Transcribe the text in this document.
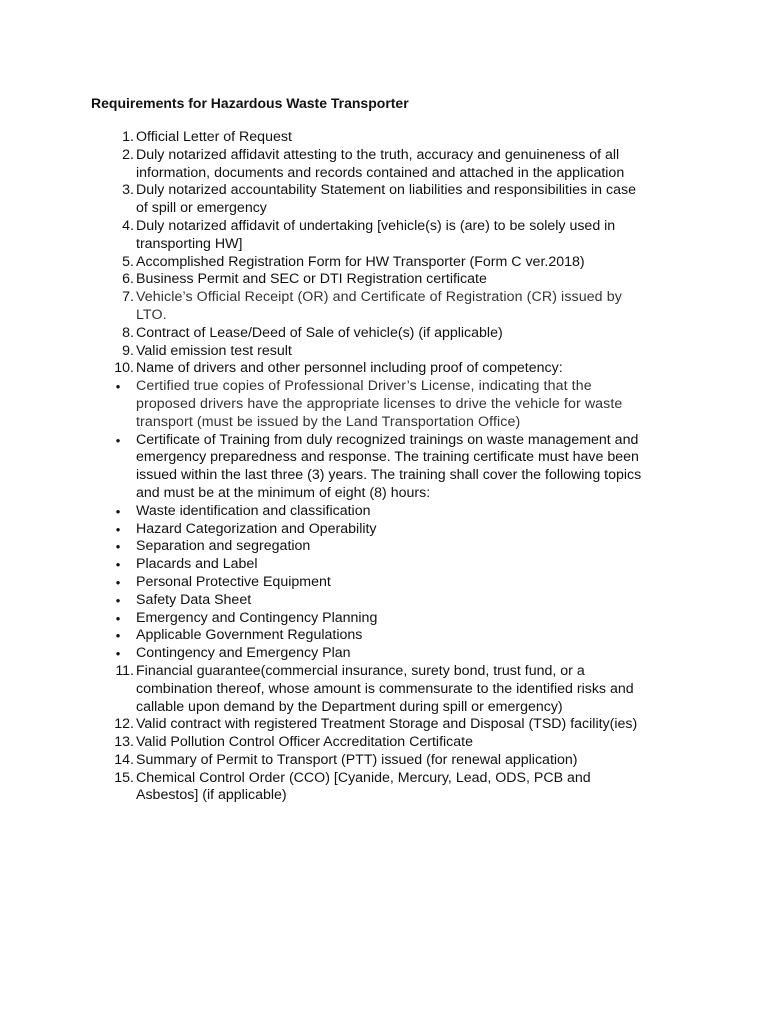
Requirements for Hazardous Waste Transporter
1. Official Letter of Request
2. Duly notarized affidavit attesting to the truth, accuracy and genuineness of all
information, documents and records contained and attached in the application
3. Duly notarized accountability Statement on liabilities and responsibilities in case
of spill or emergency
4. Duly notarized affidavit of undertaking [vehicle(s) is (are) to be solely used in
transporting HW]
5. Accomplished Registration Form for HW Transporter (Form C ver.2018)
6. Business Permit and SEC or DTI Registration certificate
7. Vehicle’s Official Receipt (OR) and Certificate of Registration (CR) issued by
LTO.
8. Contract of Lease/Deed of Sale of vehicle(s) (if applicable)
9. Valid emission test result
10. Name of drivers and other personnel including proof of competency:
• Certified true copies of Professional Driver’s License, indicating that the
proposed drivers have the appropriate licenses to drive the vehicle for waste
transport (must be issued by the Land Transportation Office)
• Certificate of Training from duly recognized trainings on waste management and
emergency preparedness and response. The training certificate must have been
issued within the last three (3) years. The training shall cover the following topics
and must be at the minimum of eight (8) hours:
• Waste identification and classification
• Hazard Categorization and Operability
• Separation and segregation
• Placards and Label
• Personal Protective Equipment
• Safety Data Sheet
• Emergency and Contingency Planning
• Applicable Government Regulations
• Contingency and Emergency Plan
11. Financial guarantee(commercial insurance, surety bond, trust fund, or a
combination thereof, whose amount is commensurate to the identified risks and
callable upon demand by the Department during spill or emergency)
12. Valid contract with registered Treatment Storage and Disposal (TSD) facility(ies)
13. Valid Pollution Control Officer Accreditation Certificate
14. Summary of Permit to Transport (PTT) issued (for renewal application)
15. Chemical Control Order (CCO) [Cyanide, Mercury, Lead, ODS, PCB and
Asbestos] (if applicable)
